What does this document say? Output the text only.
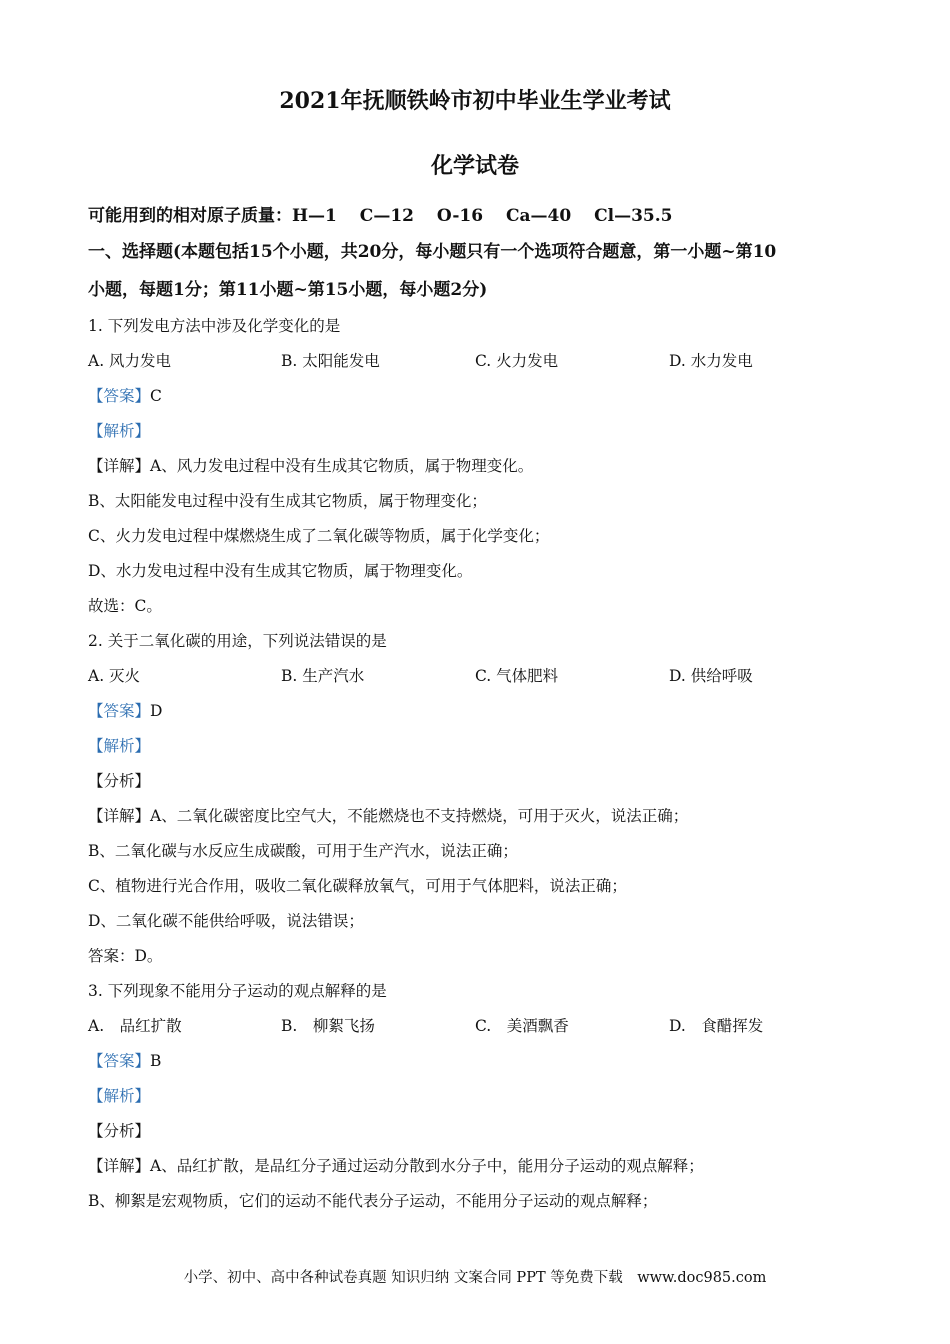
2021年抚顺铁岭市初中毕业生学业考试
化学试卷
可能用到的相对原子质量：H—1　 C—12　 O-16　 Ca—40　 Cl—35.5
一、选择题(本题包括15个小题，共20分，每小题只有一个选项符合题意，第一小题~第10
小题，每题1分；第11小题~第15小题，每小题2分)
1. 下列发电方法中涉及化学变化的是
A. 风力发电	B. 太阳能发电	C. 火力发电	D. 水力发电
【答案】C
【解析】
【详解】A、风力发电过程中没有生成其它物质，属于物理变化。
B、太阳能发电过程中没有生成其它物质，属于物理变化；
C、火力发电过程中煤燃烧生成了二氧化碳等物质，属于化学变化；
D、水力发电过程中没有生成其它物质，属于物理变化。
故选：C。
2. 关于二氧化碳的用途，下列说法错误的是
A. 灭火	B. 生产汽水	C. 气体肥料	D. 供给呼吸
【答案】D
【解析】
【分析】
【详解】A、二氧化碳密度比空气大，不能燃烧也不支持燃烧，可用于灭火，说法正确；
B、二氧化碳与水反应生成碳酸，可用于生产汽水，说法正确；
C、植物进行光合作用，吸收二氧化碳释放氧气，可用于气体肥料，说法正确；
D、二氧化碳不能供给呼吸，说法错误；
答案：D。
3. 下列现象不能用分子运动的观点解释的是
A.　品红扩散	B.　柳絮飞扬	C.　美酒飘香	D.　食醋挥发
【答案】B
【解析】
【分析】
【详解】A、品红扩散，是品红分子通过运动分散到水分子中，能用分子运动的观点解释；
B、柳絮是宏观物质，它们的运动不能代表分子运动，不能用分子运动的观点解释；
小学、初中、高中各种试卷真题 知识归纳 文案合同 PPT 等免费下载　www.doc985.com
